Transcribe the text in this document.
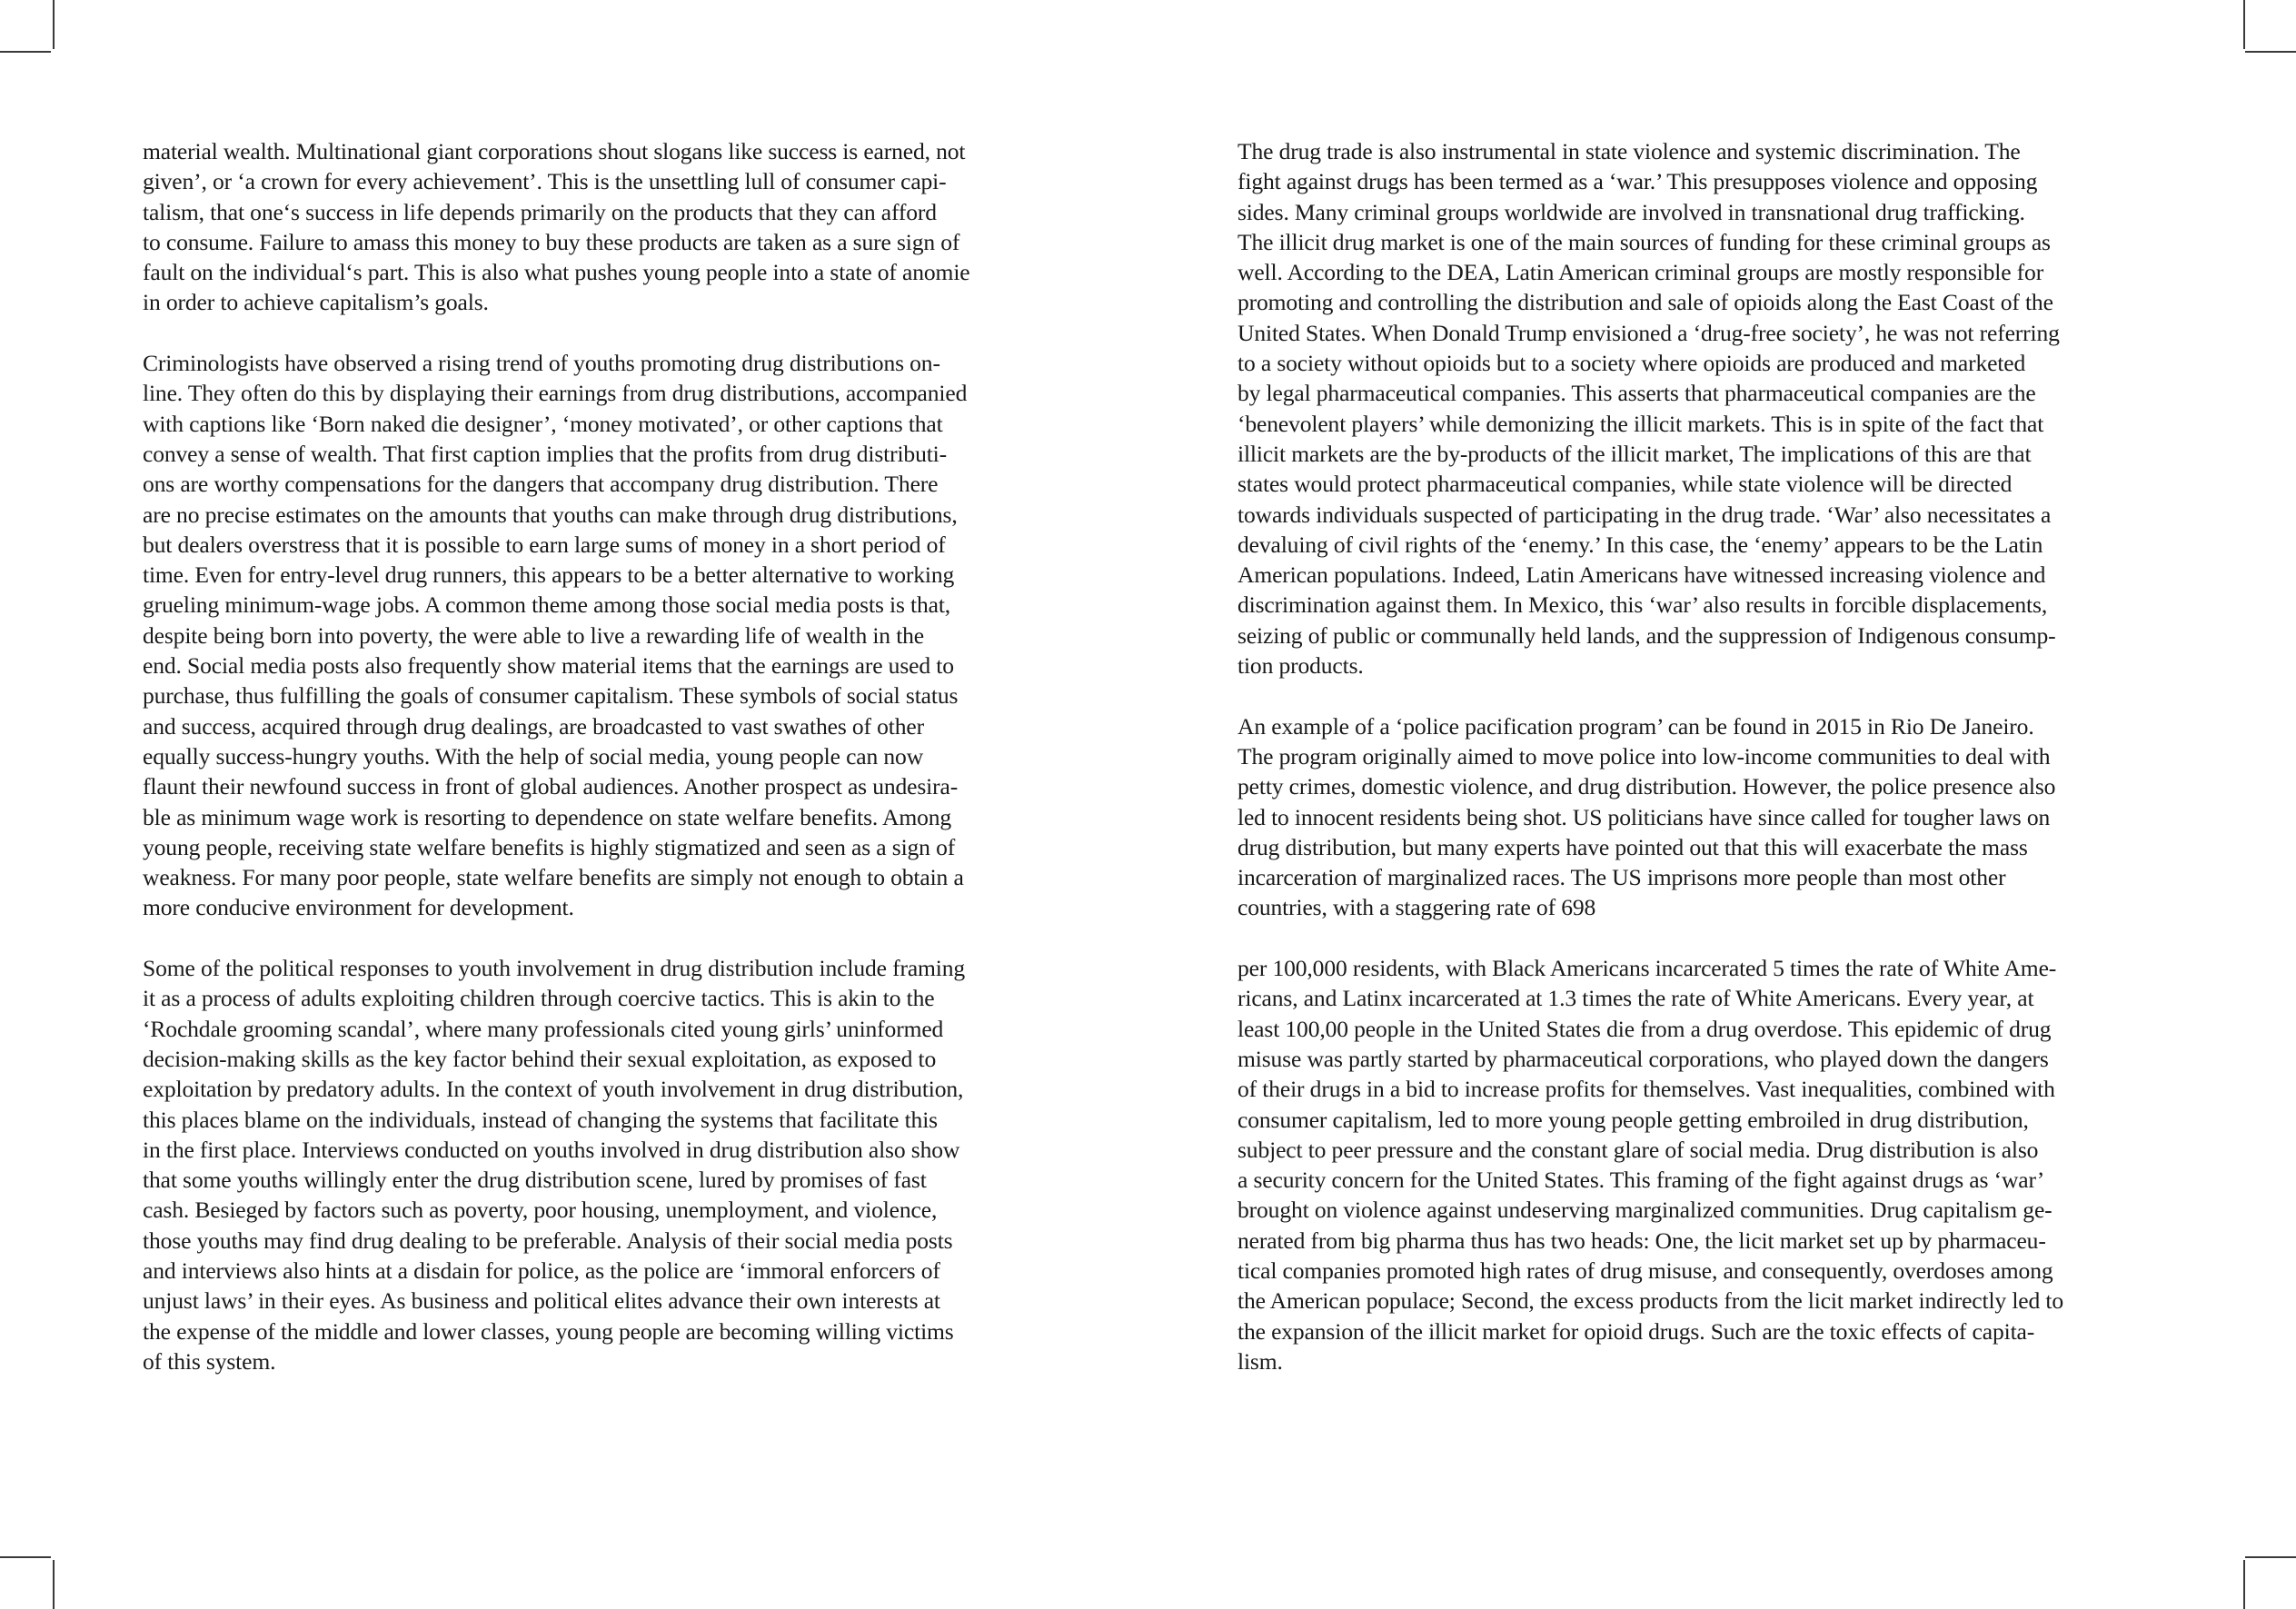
material wealth. Multinational giant corporations shout slogans like success is earned, not
given’, or ‘a crown for every achievement’. This is the unsettling lull of consumer capi-
talism, that one‘s success in life depends primarily on the products that they can afford
to consume. Failure to amass this money to buy these products are taken as a sure sign of
fault on the individual‘s part. This is also what pushes young people into a state of anomie
in order to achieve capitalism’s goals.
Criminologists have observed a rising trend of youths promoting drug distributions on-
line. They often do this by displaying their earnings from drug distributions, accompanied
with captions like ‘Born naked die designer’, ‘money motivated’, or other captions that
convey a sense of wealth. That first caption implies that the profits from drug distributi-
ons are worthy compensations for the dangers that accompany drug distribution. There
are no precise estimates on the amounts that youths can make through drug distributions,
but dealers overstress that it is possible to earn large sums of money in a short period of
time. Even for entry-level drug runners, this appears to be a better alternative to working
grueling minimum-wage jobs. A common theme among those social media posts is that,
despite being born into poverty, the were able to live a rewarding life of wealth in the
end. Social media posts also frequently show material items that the earnings are used to
purchase, thus fulfilling the goals of consumer capitalism. These symbols of social status
and success, acquired through drug dealings, are broadcasted to vast swathes of other
equally success-hungry youths. With the help of social media, young people can now
flaunt their newfound success in front of global audiences. Another prospect as undesira-
ble as minimum wage work is resorting to dependence on state welfare benefits. Among
young people, receiving state welfare benefits is highly stigmatized and seen as a sign of
weakness. For many poor people, state welfare benefits are simply not enough to obtain a
more conducive environment for development.
Some of the political responses to youth involvement in drug distribution include framing
it as a process of adults exploiting children through coercive tactics. This is akin to the
‘Rochdale grooming scandal’, where many professionals cited young girls’ uninformed
decision-making skills as the key factor behind their sexual exploitation, as exposed to
exploitation by predatory adults. In the context of youth involvement in drug distribution,
this places blame on the individuals, instead of changing the systems that facilitate this
in the first place. Interviews conducted on youths involved in drug distribution also show
that some youths willingly enter the drug distribution scene, lured by promises of fast
cash. Besieged by factors such as poverty, poor housing, unemployment, and violence,
those youths may find drug dealing to be preferable. Analysis of their social media posts
and interviews also hints at a disdain for police, as the police are ‘immoral enforcers of
unjust laws’ in their eyes. As business and political elites advance their own interests at
the expense of the middle and lower classes, young people are becoming willing victims
of this system.
The drug trade is also instrumental in state violence and systemic discrimination. The
fight against drugs has been termed as a ‘war.’ This presupposes violence and opposing
sides. Many criminal groups worldwide are involved in transnational drug trafficking.
The illicit drug market is one of the main sources of funding for these criminal groups as
well. According to the DEA, Latin American criminal groups are mostly responsible for
promoting and controlling the distribution and sale of opioids along the East Coast of the
United States. When Donald Trump envisioned a ‘drug-free society’, he was not referring
to a society without opioids but to a society where opioids are produced and marketed
by legal pharmaceutical companies. This asserts that pharmaceutical companies are the
‘benevolent players’ while demonizing the illicit markets. This is in spite of the fact that
illicit markets are the by-products of the illicit market, The implications of this are that
states would protect pharmaceutical companies, while state violence will be directed
towards individuals suspected of participating in the drug trade. ‘War’ also necessitates a
devaluing of civil rights of the ‘enemy.’ In this case, the ‘enemy’ appears to be the Latin
American populations. Indeed, Latin Americans have witnessed increasing violence and
discrimination against them. In Mexico, this ‘war’ also results in forcible displacements,
seizing of public or communally held lands, and the suppression of Indigenous consump-
tion products.
An example of a ‘police pacification program’ can be found in 2015 in Rio De Janeiro.
The program originally aimed to move police into low-income communities to deal with
petty crimes, domestic violence, and drug distribution. However, the police presence also
led to innocent residents being shot. US politicians have since called for tougher laws on
drug distribution, but many experts have pointed out that this will exacerbate the mass
incarceration of marginalized races. The US imprisons more people than most other
countries, with a staggering rate of 698
per 100,000 residents, with Black Americans incarcerated 5 times the rate of White Ame-
ricans, and Latinx incarcerated at 1.3 times the rate of White Americans. Every year, at
least 100,00 people in the United States die from a drug overdose. This epidemic of drug
misuse was partly started by pharmaceutical corporations, who played down the dangers
of their drugs in a bid to increase profits for themselves. Vast inequalities, combined with
consumer capitalism, led to more young people getting embroiled in drug distribution,
subject to peer pressure and the constant glare of social media. Drug distribution is also
a security concern for the United States. This framing of the fight against drugs as ‘war’
brought on violence against undeserving marginalized communities. Drug capitalism ge-
nerated from big pharma thus has two heads: One, the licit market set up by pharmaceu-
tical companies promoted high rates of drug misuse, and consequently, overdoses among
the American populace; Second, the excess products from the licit market indirectly led to
the expansion of the illicit market for opioid drugs. Such are the toxic effects of capita-
lism.
